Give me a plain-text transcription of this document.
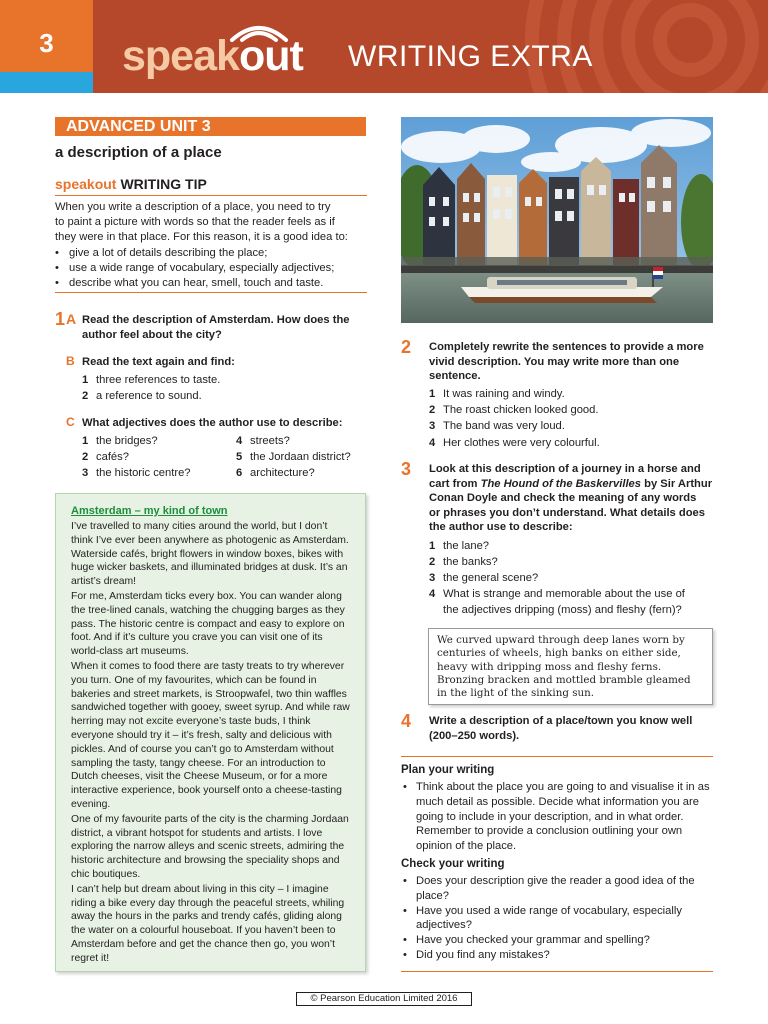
3	speakout WRITING EXTRA
ADVANCED UNIT 3
a description of a place
speakout WRITING TIP
When you write a description of a place, you need to try
to paint a picture with words so that the reader feels as if
they were in that place. For this reason, it is a good idea to:
• give a lot of details describing the place;
• use a wide range of vocabulary, especially adjectives;
• describe what you can hear, smell, touch and taste.
1 A Read the description of Amsterdam. How does the
author feel about the city?
B Read the text again and find:
1 three references to taste.
2 a reference to sound.
C What adjectives does the author use to describe:
1 the bridges?
2 cafés?
3 the historic centre?
4 streets?
5 the Jordaan district?
6 architecture?
Amsterdam – my kind of town

I’ve travelled to many cities around the world, but I don’t think I’ve ever been anywhere as photogenic as Amsterdam. Waterside cafés, bright flowers in window boxes, bikes with huge wicker baskets, and illuminated bridges at dusk. It’s an artist’s dream!

For me, Amsterdam ticks every box. You can wander along the tree-lined canals, watching the chugging barges as they pass. The historic centre is compact and easy to explore on foot. And if it’s culture you crave you can visit one of its world-class art museums.

When it comes to food there are tasty treats to try wherever you turn. One of my favourites, which can be found in bakeries and street markets, is Stroopwafel, two thin waffles sandwiched together with gooey, sweet syrup. And while raw herring may not excite everyone’s taste buds, I think everyone should try it – it’s fresh, salty and delicious with pickles. And of course you can’t go to Amsterdam without sampling the tasty, tangy cheese. For an introduction to Dutch cheeses, visit the Cheese Museum, or for a more interactive experience, book yourself onto a cheese-tasting evening.

One of my favourite parts of the city is the charming Jordaan district, a vibrant hotspot for students and artists. I love exploring the narrow alleys and scenic streets, admiring the historic architecture and browsing the speciality shops and chic boutiques.

I can’t help but dream about living in this city – I imagine riding a bike every day through the peaceful streets, whiling away the hours in the parks and trendy cafés, gliding along the water on a colourful houseboat. If you haven’t been to Amsterdam before and get the chance then go, you won’t regret it!

2 Completely rewrite the sentences to provide a more
vivid description. You may write more than one
sentence.
1 It was raining and windy.
2 The roast chicken looked good.
3 The band was very loud.
4 Her clothes were very colourful.
3 Look at this description of a journey in a horse and
cart from The Hound of the Baskervilles by Sir Arthur
Conan Doyle and check the meaning of any words
or phrases you don’t understand. What details does
the author use to describe:
1 the lane?
2 the banks?
3 the general scene?
4 What is strange and memorable about the use of
the adjectives dripping (moss) and fleshy (fern)?
We curved upward through deep lanes worn by
centuries of wheels, high banks on either side,
heavy with dripping moss and fleshy ferns.
Bronzing bracken and mottled bramble gleamed
in the light of the sinking sun.
4 Write a description of a place/town you know well
(200–250 words).
Plan your writing
• Think about the place you are going to and visualise it in as much detail as possible. Decide what information you are going to include in your description, and in what order. Remember to provide a conclusion outlining your own opinion of the place.
Check your writing
• Does your description give the reader a good idea of the place?
• Have you used a wide range of vocabulary, especially adjectives?
• Have you checked your grammar and spelling?
• Did you find any mistakes?
© Pearson Education Limited 2016
